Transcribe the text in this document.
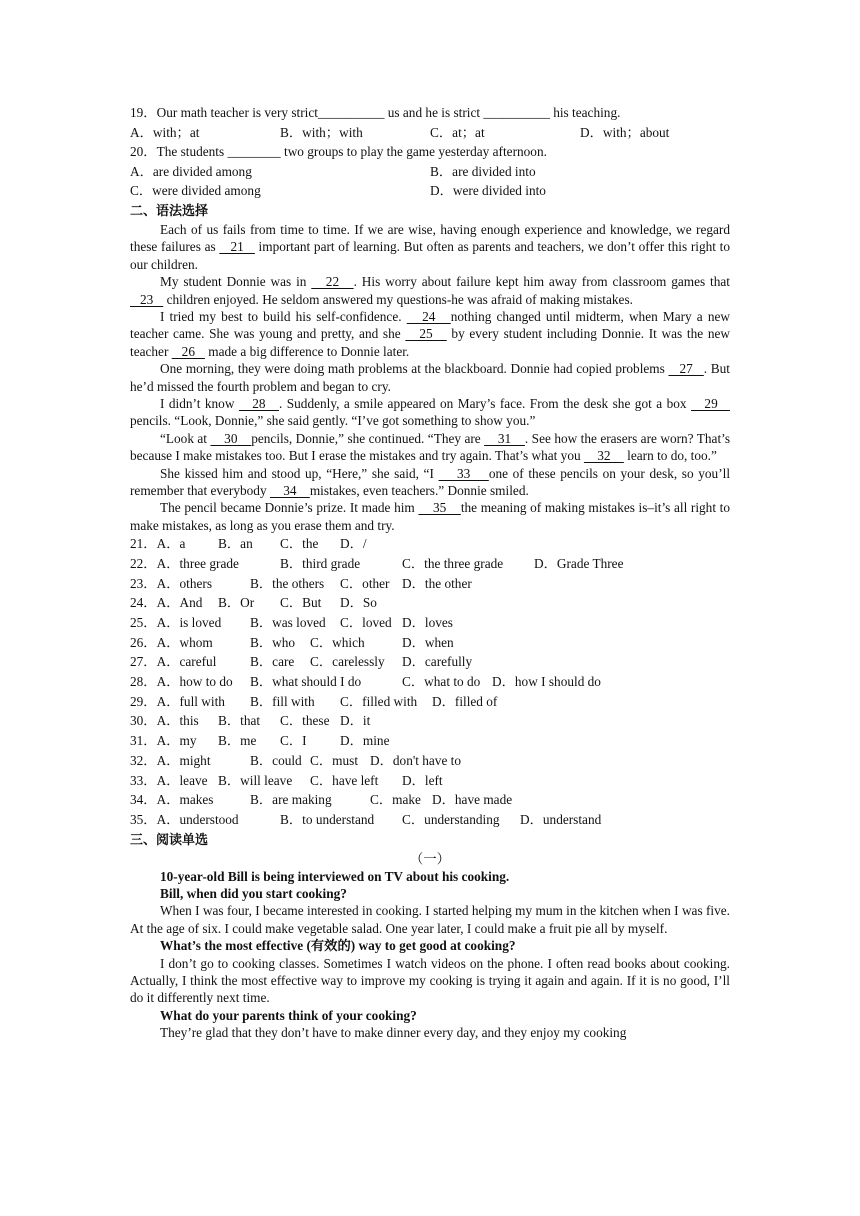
19．Our math teacher is very strict__________ us and he is strict __________ his teaching.
A．with；at	B．with；with	C．at；at	D．with；about
20．The students ________ two groups to play the game yesterday afternoon.
A．are divided among	B．are divided into
C．were divided among	D．were divided into
二、语法选择

Each of us fails from time to time. If we are wise, having enough experience and knowledge, we regard these failures as    21    important part of learning. But often as parents and teachers, we don’t offer this right to our children.

My student Donnie was in    22   . His worry about failure kept him away from classroom games that    23    children enjoyed. He seldom answered my questions-he was afraid of making mistakes.

I tried my best to build his self-confidence.    24   nothing changed until midterm, when Mary a new teacher came. She was young and pretty, and she    25    by every student including Donnie. It was the new teacher    26    made a big difference to Donnie later.

One morning, they were doing math problems at the blackboard. Donnie had copied problems    27   . But he’d missed the fourth problem and began to cry.

I didn’t know    28   . Suddenly, a smile appeared on Mary’s face. From the desk she got a box    29    pencils. “Look, Donnie,” she said gently. “I’ve got something to show you.”

“Look at     30    pencils, Donnie,” she continued. “They are     31    . See how the erasers are worn? That’s because I make mistakes too. But I erase the mistakes and try again. That’s what you     32     learn to do, too.”

She kissed him and stood up, “Here,” she said, “I     33    one of these pencils on your desk, so you’ll remember that everybody     34    mistakes, even teachers.” Donnie smiled.

The pencil became Donnie’s prize. It made him     35    the meaning of making mistakes is–it’s all right to make mistakes, as long as you erase them and try.

21．A．a B．an C．the D．/
22．A．three grade	B．third grade	C．the three grade D．Grade Three
23．A．others	B．the others C．other D．the other
24．A．And B．Or C．But D．So
25．A．is loved B．was loved C．loved D．loves
26．A．whom	B．who C．which	D．when
27．A．careful	B．care C．carelessly D．carefully
28．A．how to do B．what should I do	C．what to do D．how I should do
29．A．full with B．fill with C．filled with D．filled of
30．A．this B．that C．these D．it
31．A．my B．me C．I	D．mine
32．A．might	B．could C．must D．don't have to
33．A．leave B．will leave C．have left D．left
34．A．makes	B．are making	C．make D．have made
35．A．understood	B．to understand C．understanding D．understand
三、阅读单选

（一）

10-year-old Bill is being interviewed on TV about his cooking.

Bill, when did you start cooking?

When I was four, I became interested in cooking. I started helping my mum in the kitchen when I was five. At the age of six. I could make vegetable salad. One year later, I could make a fruit pie all by myself.

What’s the most effective (有效的) way to get good at cooking?

I don’t go to cooking classes. Sometimes I watch videos on the phone. I often read books about cooking. Actually, I think the most effective way to improve my cooking is trying it again and again. If it is no good, I’ll do it differently next time.

What do your parents think of your cooking?

They’re glad that they don’t have to make dinner every day, and they enjoy my cooking
